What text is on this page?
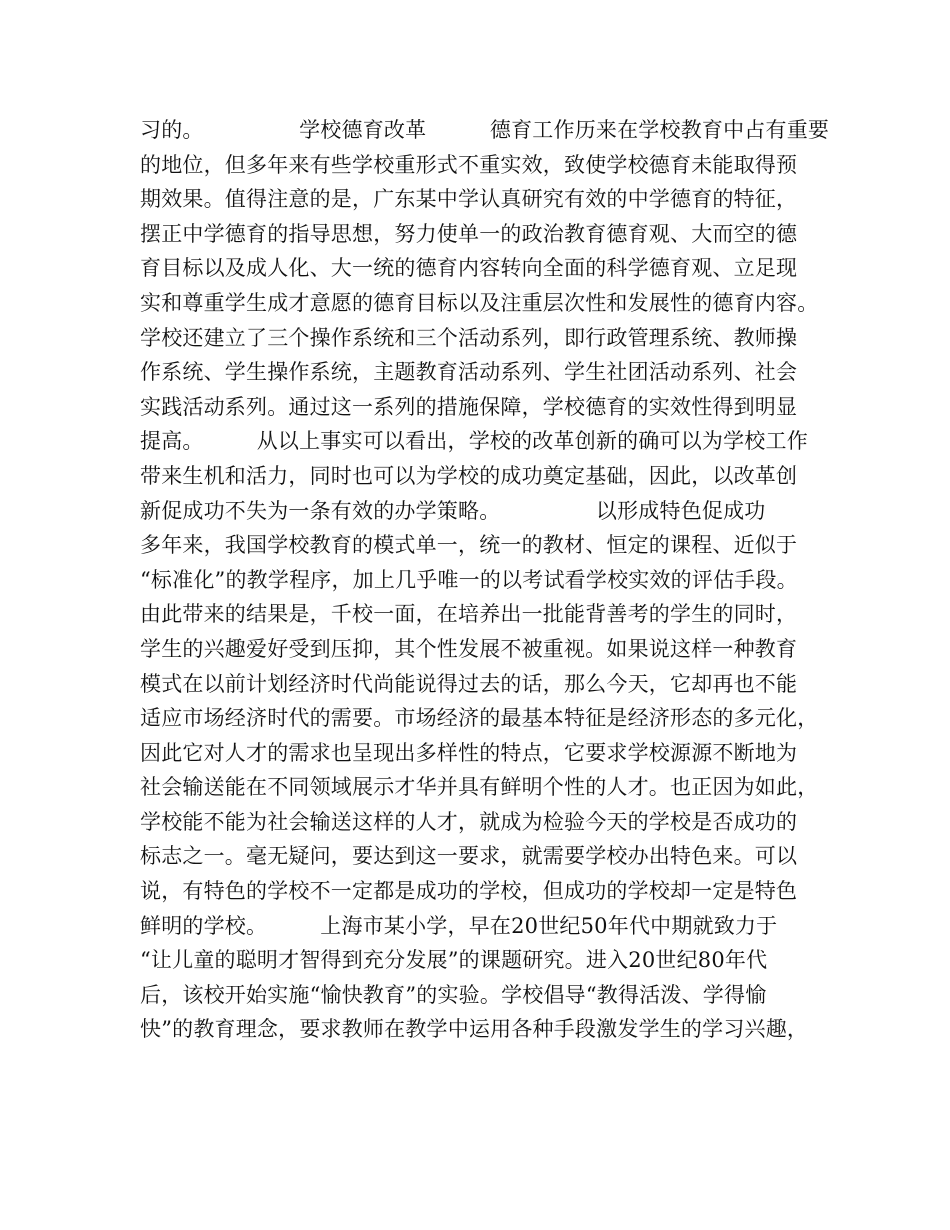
习的。　　　　　学校德育改革　　　德育工作历来在学校教育中占有重要
的地位，但多年来有些学校重形式不重实效，致使学校德育未能取得预
期效果。值得注意的是，广东某中学认真研究有效的中学德育的特征，
摆正中学德育的指导思想，努力使单一的政治教育德育观、大而空的德
育目标以及成人化、大一统的德育内容转向全面的科学德育观、立足现
实和尊重学生成才意愿的德育目标以及注重层次性和发展性的德育内容。
学校还建立了三个操作系统和三个活动系列，即行政管理系统、教师操
作系统、学生操作系统，主题教育活动系列、学生社团活动系列、社会
实践活动系列。通过这一系列的措施保障，学校德育的实效性得到明显
提高。　　　从以上事实可以看出，学校的改革创新的确可以为学校工作
带来生机和活力，同时也可以为学校的成功奠定基础，因此，以改革创
新促成功不失为一条有效的办学策略。　　　　　以形成特色促成功
多年来，我国学校教育的模式单一，统一的教材、恒定的课程、近似于
“标准化”的教学程序，加上几乎唯一的以考试看学校实效的评估手段。
由此带来的结果是，千校一面，在培养出一批能背善考的学生的同时，
学生的兴趣爱好受到压抑，其个性发展不被重视。如果说这样一种教育
模式在以前计划经济时代尚能说得过去的话，那么今天，它却再也不能
适应市场经济时代的需要。市场经济的最基本特征是经济形态的多元化，
因此它对人才的需求也呈现出多样性的特点，它要求学校源源不断地为
社会输送能在不同领域展示才华并具有鲜明个性的人才。也正因为如此，
学校能不能为社会输送这样的人才，就成为检验今天的学校是否成功的
标志之一。毫无疑问，要达到这一要求，就需要学校办出特色来。可以
说，有特色的学校不一定都是成功的学校，但成功的学校却一定是特色
鲜明的学校。　　　上海市某小学，早在20世纪50年代中期就致力于
“让儿童的聪明才智得到充分发展”的课题研究。进入20世纪80年代
后，该校开始实施“愉快教育”的实验。学校倡导“教得活泼、学得愉
快”的教育理念，要求教师在教学中运用各种手段激发学生的学习兴趣，
